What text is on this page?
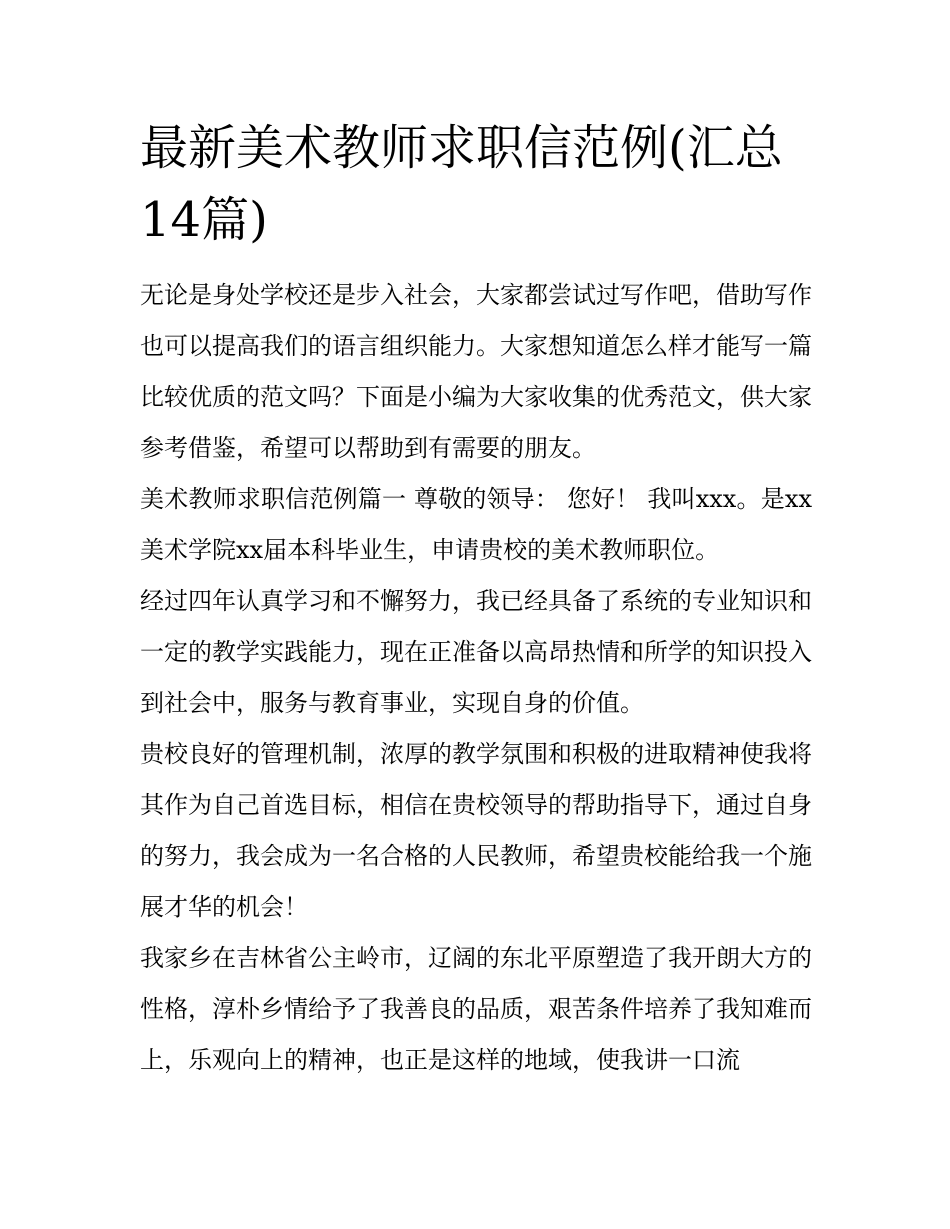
最新美术教师求职信范例(汇总14篇)

无论是身处学校还是步入社会，大家都尝试过写作吧，借助写作也可以提高我们的语言组织能力。大家想知道怎么样才能写一篇比较优质的范文吗？下面是小编为大家收集的优秀范文，供大家参考借鉴，希望可以帮助到有需要的朋友。

美术教师求职信范例篇一 尊敬的领导： 您好！ 我叫xxx。是xx美术学院xx届本科毕业生，申请贵校的美术教师职位。

经过四年认真学习和不懈努力，我已经具备了系统的专业知识和一定的教学实践能力，现在正准备以高昂热情和所学的知识投入到社会中，服务与教育事业，实现自身的价值。

贵校良好的管理机制，浓厚的教学氛围和积极的进取精神使我将其作为自己首选目标，相信在贵校领导的帮助指导下，通过自身的努力，我会成为一名合格的人民教师，希望贵校能给我一个施展才华的机会！

我家乡在吉林省公主岭市，辽阔的东北平原塑造了我开朗大方的性格，淳朴乡情给予了我善良的品质，艰苦条件培养了我知难而上，乐观向上的精神，也正是这样的地域，使我讲一口流
